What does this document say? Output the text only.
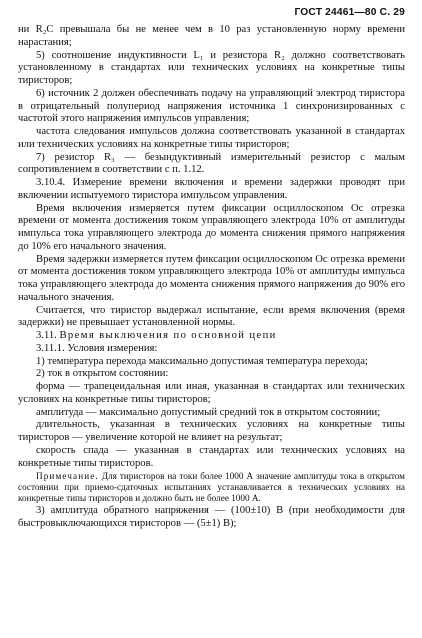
ГОСТ 24461—80 С. 29

ни R₂C превышала бы не менее чем в 10 раз установленную норму времени нарастания;

5) соотношение индуктивности L₁ и резистора R₂ должно соответствовать установленному в стандартах или технических условиях на конкретные типы тиристоров;

6) источник 2 должен обеспечивать подачу на управляющий электрод тиристора в отрицательный полупериод напряжения источника 1 синхронизированных с частотой этого напряжения импульсов управления;

частота следования импульсов должна соответствовать указанной в стандартах или технических условиях на конкретные типы тиристоров;

7) резистор R₃ — безындуктивный измерительный резистор с малым сопротивлением в соответствии с п. 1.12.

3.10.4. Измерение времени включения и времени задержки проводят при включении испытуемого тиристора импульсом управления.

Время включения измеряется путем фиксации осциллоскопом Ос отрезка времени от момента достижения током управляющего электрода 10% от амплитуды импульса тока управляющего электрода до момента снижения прямого напряжения до 10% его начального значения.

Время задержки измеряется путем фиксации осциллоскопом Ос отрезка времени от момента достижения током управляющего электрода 10% от амплитуды импульса тока управляющего электрода до момента снижения прямого напряжения до 90% его начального значения.

Считается, что тиристор выдержал испытание, если время включения (время задержки) не превышает установленной нормы.

3.11. Время выключения по основной цепи

3.11.1. Условия измерения:

1) температура перехода максимально допустимая температура перехода;

2) ток в открытом состоянии:

форма — трапецеидальная или иная, указанная в стандартах или технических условиях на конкретные типы тиристоров;

амплитуда — максимально допустимый средний ток в открытом состоянии;

длительность, указанная в технических условиях на конкретные типы тиристоров — увеличение которой не влияет на результат;

скорость спада — указанная в стандартах или технических условиях на конкретные типы тиристоров.

Примечание. Для тиристоров на токи более 1000 А значение амплитуды тока в открытом состоянии при приемо-сдаточных испытаниях устанавливается в технических условиях на конкретные типы тиристоров и должно быть не более 1000 А.

3) амплитуда обратного напряжения — (100±10) В (при необходимости для быстровыключающихся тиристоров — (5±1) В);
